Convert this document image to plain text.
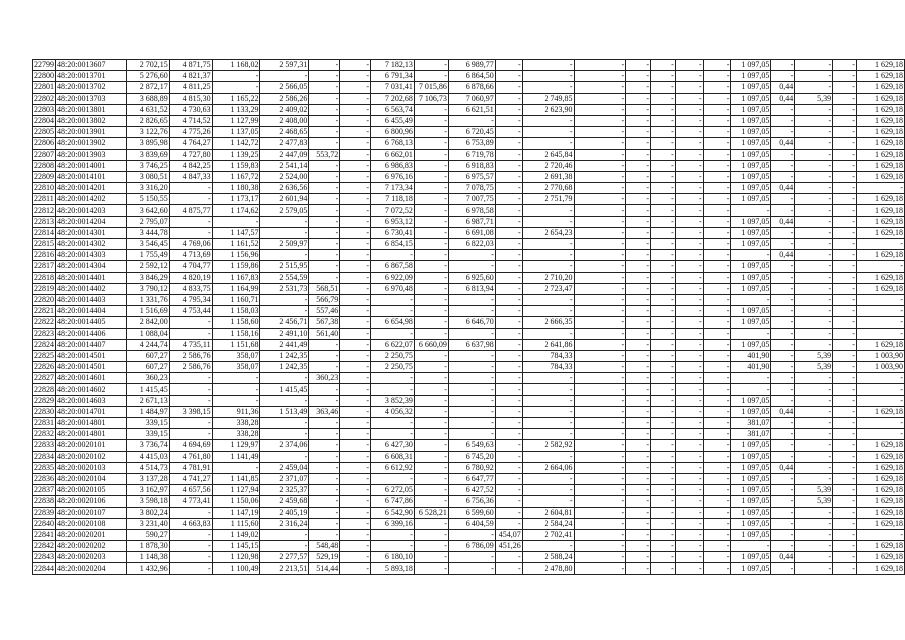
22799	48:20:0013607	2 702,15	4 871,75	1 168,02	2 597,31	-	-	7 182,13	-	6 989,77	-	-	-	-	-	-	-	1 097,05	-	-	-	1 629,18
22800	48:20:0013701	5 276,60	4 821,37	-	-	-	-	6 791,34	-	6 864,50	-	-	-	-	-	-	-	1 097,05	-	-	-	1 629,18
22801	48:20:0013702	2 872,17	4 811,25	-	2 566,05	-	-	7 031,41	7 015,86	6 878,66	-	-	-	-	-	-	-	1 097,05	0,44	-	-	1 629,18
22802	48:20:0013703	3 688,89	4 815,30	1 165,22	2 586,26	-	-	7 202,68	7 106,73	7 060,97	-	2 749,85	-	-	-	-	-	1 097,05	0,44	5,39	-	1 629,18
22803	48:20:0013801	4 631,52	4 730,63	1 133,29	2 409,02	-	-	6 563,74	-	6 621,51	-	2 623,90	-	-	-	-	-	1 097,05	-	-	-	1 629,18
22804	48:20:0013802	2 826,65	4 714,52	1 127,99	2 408,00	-	-	6 455,49	-	-	-	-	-	-	-	-	-	1 097,05	-	-	-	1 629,18
22805	48:20:0013901	3 122,76	4 775,26	1 137,05	2 468,65	-	-	6 800,96	-	6 720,45	-	-	-	-	-	-	-	1 097,05	-	-	-	1 629,18
22806	48:20:0013902	3 895,98	4 764,27	1 142,72	2 477,83	-	-	6 768,13	-	6 753,89	-	-	-	-	-	-	-	1 097,05	0,44	-	-	1 629,18
22807	48:20:0013903	3 839,69	4 727,80	1 139,25	2 447,09	553,72	-	6 662,01	-	6 719,78	-	2 645,84	-	-	-	-	-	1 097,05	-	-	-	1 629,18
22808	48:20:0014001	3 746,25	4 842,25	1 159,83	2 541,14	-	-	6 986,83	-	6 918,83	-	2 720,46	-	-	-	-	-	1 097,05	-	-	-	1 629,18
22809	48:20:0014101	3 080,51	4 847,33	1 167,72	2 524,00	-	-	6 976,16	-	6 975,57	-	2 691,38	-	-	-	-	-	1 097,05	-	-	-	1 629,18
22810	48:20:0014201	3 316,20	-	1 180,38	2 636,56	-	-	7 173,34	-	7 078,75	-	2 770,68	-	-	-	-	-	1 097,05	0,44	-	-	-
22811	48:20:0014202	5 150,55	-	1 173,17	2 601,94	-	-	7 118,18	-	7 007,75	-	2 751,79	-	-	-	-	-	1 097,05	-	-	-	1 629,18
22812	48:20:0014203	3 642,60	4 875,77	1 174,62	2 579,05	-	-	7 072,52	-	6 978,58	-	-	-	-	-	-	-	-	-	-	-	1 629,18
22813	48:20:0014204	2 795,07	-	-	-	-	-	6 953,12	-	6 987,71	-	-	-	-	-	-	-	1 097,05	0,44	-	-	1 629,18
22814	48:20:0014301	3 444,78	-	1 147,57	-	-	-	6 730,41	-	6 691,08	-	2 654,23	-	-	-	-	-	1 097,05	-	-	-	1 629,18
22815	48:20:0014302	3 546,45	4 769,06	1 161,52	2 509,97	-	-	6 854,15	-	6 822,03	-	-	-	-	-	-	-	1 097,05	-	-	-	-
22816	48:20:0014303	1 755,49	4 713,69	1 156,96	-	-	-	-	-	-	-	-	-	-	-	-	-	-	0,44	-	-	1 629,18
22817	48:20:0014304	2 592,12	4 704,77	1 159,86	2 515,95	-	-	6 867,58	-	-	-	-	-	-	-	-	-	1 097,05	-	-	-	-
22818	48:20:0014401	3 846,29	4 820,19	1 167,83	2 554,59	-	-	6 922,09	-	6 925,60	-	2 710,20	-	-	-	-	-	1 097,05	-	-	-	1 629,18
22819	48:20:0014402	3 790,12	4 833,75	1 164,99	2 531,73	568,51	-	6 970,48	-	6 813,94	-	2 723,47	-	-	-	-	-	1 097,05	-	-	-	1 629,18
22820	48:20:0014403	1 331,76	4 795,34	1 160,71	-	566,79	-	-	-	-	-	-	-	-	-	-	-	-	-	-	-	-
22821	48:20:0014404	1 516,69	4 753,44	1 158,03	-	557,46	-	-	-	-	-	-	-	-	-	-	-	1 097,05	-	-	-	-
22822	48:20:0014405	2 842,00	-	1 158,60	2 456,71	567,38	-	6 654,98	-	6 646,70	-	2 666,35	-	-	-	-	-	1 097,05	-	-	-	-
22823	48:20:0014406	1 088,04	-	1 158,16	2 491,10	561,40	-	-	-	-	-	-	-	-	-	-	-	-	-	-	-	-
22824	48:20:0014407	4 244,74	4 735,11	1 151,68	2 441,49	-	-	6 622,07	6 660,09	6 637,98	-	2 641,86	-	-	-	-	-	1 097,05	-	-	-	1 629,18
22825	48:20:0014501	607,27	2 586,76	358,07	1 242,35	-	-	2 250,75	-	-	-	784,33	-	-	-	-	-	401,90	-	5,39	-	1 003,90
22826	48:20:0014501	607,27	2 586,76	358,07	1 242,35	-	-	2 250,75	-	-	-	784,33	-	-	-	-	-	401,90	-	5,39	-	1 003,90
22827	48:20:0014601	360,23	-	-	-	360,23	-	-	-	-	-	-	-	-	-	-	-	-	-	-	-	-
22828	48:20:0014602	1 415,45	-	-	1 415,45	-	-	-	-	-	-	-	-	-	-	-	-	-	-	-	-	-
22829	48:20:0014603	2 671,13	-	-	-	-	-	3 852,39	-	-	-	-	-	-	-	-	-	1 097,05	-	-	-	-
22830	48:20:0014701	1 484,97	3 398,15	911,36	1 513,49	363,46	-	4 056,32	-	-	-	-	-	-	-	-	-	1 097,05	0,44	-	-	1 629,18
22831	48:20:0014801	339,15	-	338,28	-	-	-	-	-	-	-	-	-	-	-	-	-	381,07	-	-	-	-
22832	48:20:0014801	339,15	-	338,28	-	-	-	-	-	-	-	-	-	-	-	-	-	381,07	-	-	-	-
22833	48:20:0020101	3 736,74	4 694,69	1 129,97	2 374,06	-	-	6 427,30	-	6 549,63	-	2 582,92	-	-	-	-	-	1 097,05	-	-	-	1 629,18
22834	48:20:0020102	4 415,03	4 761,80	1 141,49	-	-	-	6 608,31	-	6 745,20	-	-	-	-	-	-	-	1 097,05	-	-	-	1 629,18
22835	48:20:0020103	4 514,73	4 781,91	-	2 459,04	-	-	6 612,92	-	6 780,92	-	2 664,06	-	-	-	-	-	1 097,05	0,44	-	-	1 629,18
22836	48:20:0020104	3 137,28	4 741,27	1 141,85	2 371,07	-	-	-	-	6 647,77	-	-	-	-	-	-	-	1 097,05	-	-	-	1 629,18
22837	48:20:0020105	3 162,97	4 657,56	1 127,94	2 325,37	-	-	6 272,05	-	6 427,52	-	-	-	-	-	-	-	1 097,05	-	5,39	-	1 629,18
22838	48:20:0020106	3 598,18	4 773,41	1 150,06	2 459,68	-	-	6 747,86	-	6 756,36	-	-	-	-	-	-	-	1 097,05	-	5,39	-	1 629,18
22839	48:20:0020107	3 802,24	-	1 147,19	2 405,19	-	-	6 542,90	6 528,21	6 599,60	-	2 604,81	-	-	-	-	-	1 097,05	-	-	-	1 629,18
22840	48:20:0020108	3 231,40	4 663,83	1 115,60	2 316,24	-	-	6 399,16	-	6 404,59	-	2 584,24	-	-	-	-	-	1 097,05	-	-	-	1 629,18
22841	48:20:0020201	590,27	-	1 149,02	-	-	-	-	-	-	454,07	2 702,41	-	-	-	-	-	1 097,05	-	-	-	-
22842	48:20:0020202	1 878,30	-	1 145,15	-	548,48	-	-	-	6 786,09	451,26	-	-	-	-	-	-	-	-	-	-	1 629,18
22843	48:20:0020203	1 148,38	-	1 120,98	2 277,57	529,19	-	6 180,10	-	-	-	2 588,24	-	-	-	-	-	1 097,05	0,44	-	-	1 629,18
22844	48:20:0020204	1 432,96	-	1 100,49	2 213,51	514,44	-	5 893,18	-	-	-	2 478,80	-	-	-	-	-	1 097,05	-	-	-	1 629,18
